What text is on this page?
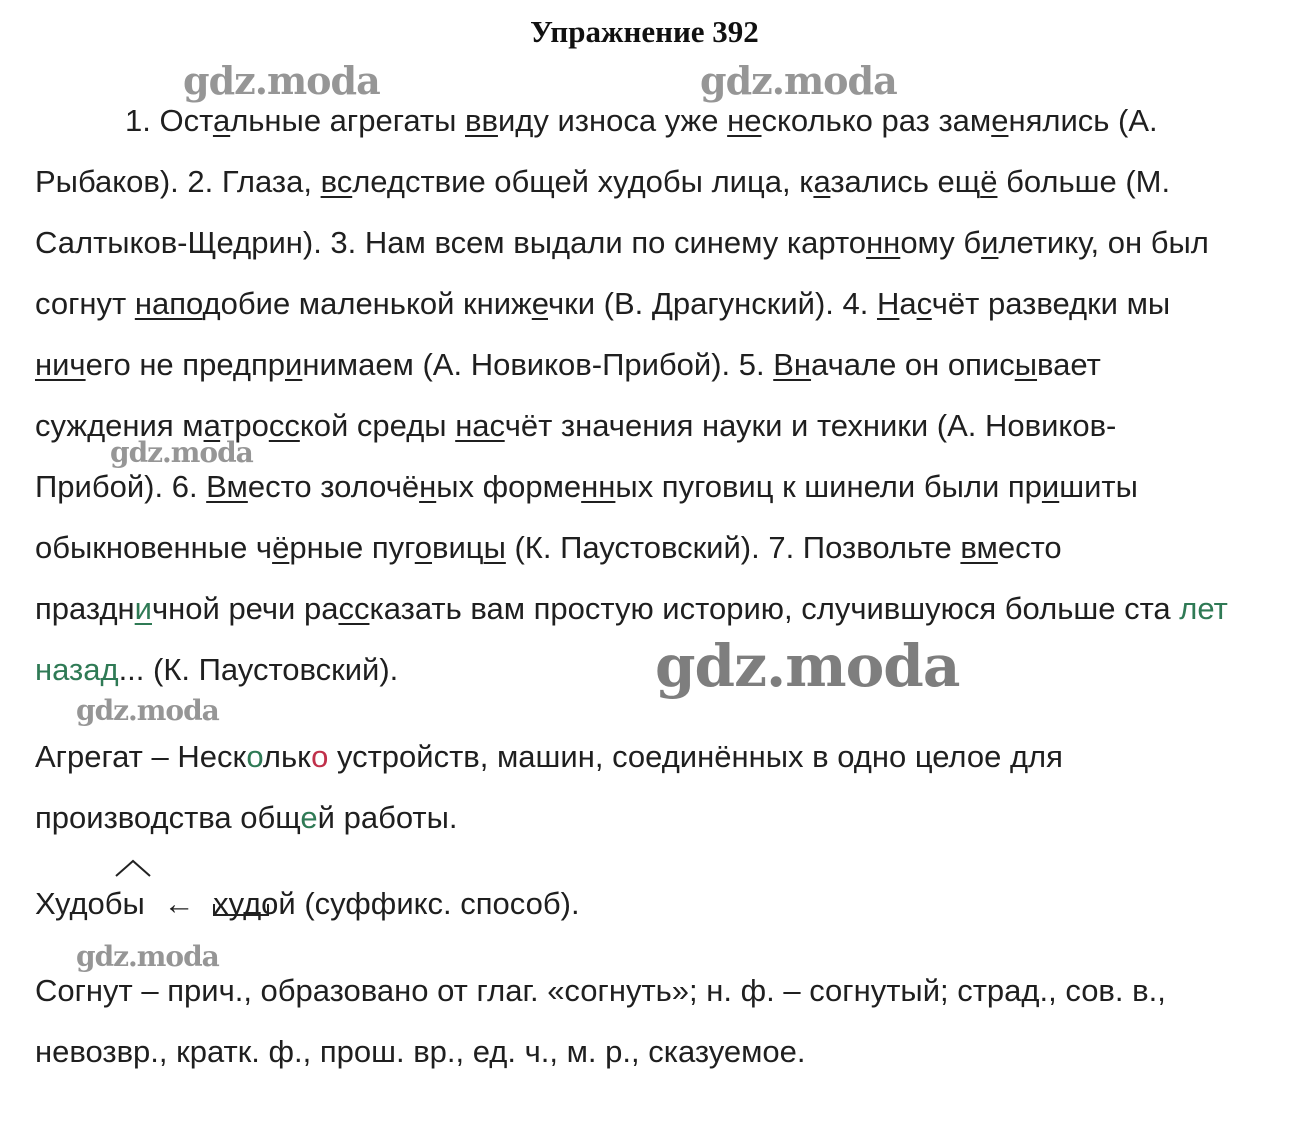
Упражнение 392
1. Остальные агрегаты ввиду износа уже несколько раз заменялись (А. Рыбаков). 2. Глаза, вследствие общей худобы лица, казались ещё больше (М. Салтыков-Щедрин). 3. Нам всем выдали по синему картонному билетику, он был согнут наподобие маленькой книжечки (В. Драгунский). 4. Насчёт разведки мы ничего не предпринимаем (А. Новиков-Прибой). 5. Вначале он описывает суждения матросской среды насчёт значения науки и техники (А. Новиков-Прибой). 6. Вместо золочёных форменных пуговиц к шинели были пришиты обыкновенные чёрные пуговицы (К. Паустовский). 7. Позвольте вместо праздничной речи рассказать вам простую историю, случившуюся больше ста лет назад... (К. Паустовский).
Агрегат – Несколько устройств, машин, соединённых в одно целое для производства общей работы.
Худобы ← худой
(суффикс. способ).
Согнут – прич., образовано от глаг. «согнуть»; н. ф. – согнутый; страд., сов. в., невозвр., кратк. ф., прош. вр., ед. ч., м. р., сказуемое.
gdz.moda	gdz.moda
gdz.moda
gdz.moda
gdz.moda
gdz.moda
